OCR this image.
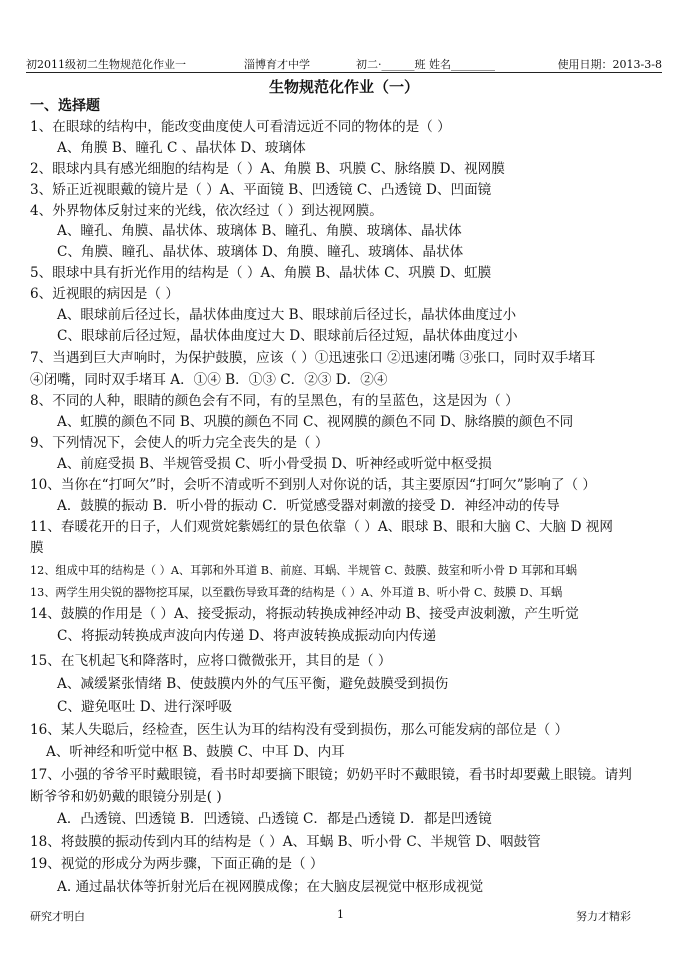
初2011级初二生物规范化作业一	淄博育才中学	初二·______班 姓名________	使用日期：2013-3-8
生物规范化作业（一）
一、选择题
1、在眼球的结构中，能改变曲度使人可看清远近不同的物体的是（ ）
A、角膜 B、瞳孔 C 、晶状体 D、玻璃体
2、眼球内具有感光细胞的结构是（ ）A、角膜 B、巩膜 C、脉络膜 D、视网膜
3、矫正近视眼戴的镜片是（ ）A、平面镜 B、凹透镜 C、凸透镜 D、凹面镜
4、外界物体反射过来的光线，依次经过（ ）到达视网膜。
A、瞳孔、角膜、晶状体、玻璃体 B、瞳孔、角膜、玻璃体、晶状体
C、角膜、瞳孔、晶状体、玻璃体 D、角膜、瞳孔、玻璃体、晶状体
5、眼球中具有折光作用的结构是（ ）A、角膜 B、晶状体 C、巩膜 D、虹膜
6、近视眼的病因是（ ）
A、眼球前后径过长，晶状体曲度过大 B、眼球前后径过长，晶状体曲度过小
C、眼球前后径过短，晶状体曲度过大 D、眼球前后径过短，晶状体曲度过小
7、当遇到巨大声响时，为保护鼓膜，应该（ ）①迅速张口 ②迅速闭嘴 ③张口，同时双手堵耳
④闭嘴，同时双手堵耳 A．①④ B．①③ C．②③ D．②④
8、不同的人种，眼睛的颜色会有不同，有的呈黑色，有的呈蓝色，这是因为（ ）
A、虹膜的颜色不同 B、巩膜的颜色不同 C、视网膜的颜色不同 D、脉络膜的颜色不同
9、下列情况下，会使人的听力完全丧失的是（ ）
A、前庭受损 B、半规管受损 C、听小骨受损 D、听神经或听觉中枢受损
10、当你在“打呵欠”时，会听不清或听不到别人对你说的话，其主要原因“打呵欠”影响了（ ）
A．鼓膜的振动 B．听小骨的振动 C．听觉感受器对刺激的接受 D．神经冲动的传导
11、春暖花开的日子，人们观赏姹紫嫣红的景色依靠（ ）A、眼球 B、眼和大脑 C、大脑 D 视网
膜
12、组成中耳的结构是（ ）A、耳郭和外耳道 B、前庭、耳蜗、半规管 C、鼓膜、鼓室和听小骨 D 耳郭和耳蜗
13、两学生用尖锐的器物挖耳屎，以至戳伤导致耳聋的结构是（ ）A、外耳道 B、听小骨 C、鼓膜 D、耳蜗
14、鼓膜的作用是（ ）A、接受振动，将振动转换成神经冲动 B、接受声波刺激，产生听觉
C、将振动转换成声波向内传递 D、将声波转换成振动向内传递
15、在飞机起飞和降落时，应将口微微张开，其目的是（ ）
A、减缓紧张情绪 B、使鼓膜内外的气压平衡，避免鼓膜受到损伤
C、避免呕吐 D、进行深呼吸
16、某人失聪后，经检查，医生认为耳的结构没有受到损伤，那么可能发病的部位是（ ）
A、听神经和听觉中枢 B、鼓膜 C、中耳 D、内耳
17、小强的爷爷平时戴眼镜，看书时却要摘下眼镜；奶奶平时不戴眼镜，看书时却要戴上眼镜。请判
断爷爷和奶奶戴的眼镜分别是( )
A．凸透镜、凹透镜 B．凹透镜、凸透镜 C．都是凸透镜 D．都是凹透镜
18、将鼓膜的振动传到内耳的结构是（ ）A、耳蜗 B、听小骨 C、半规管 D、咽鼓管
19、视觉的形成分为两步骤，下面正确的是（ ）
A. 通过晶状体等折射光后在视网膜成像；在大脑皮层视觉中枢形成视觉
研究才明白	1	努力才精彩
